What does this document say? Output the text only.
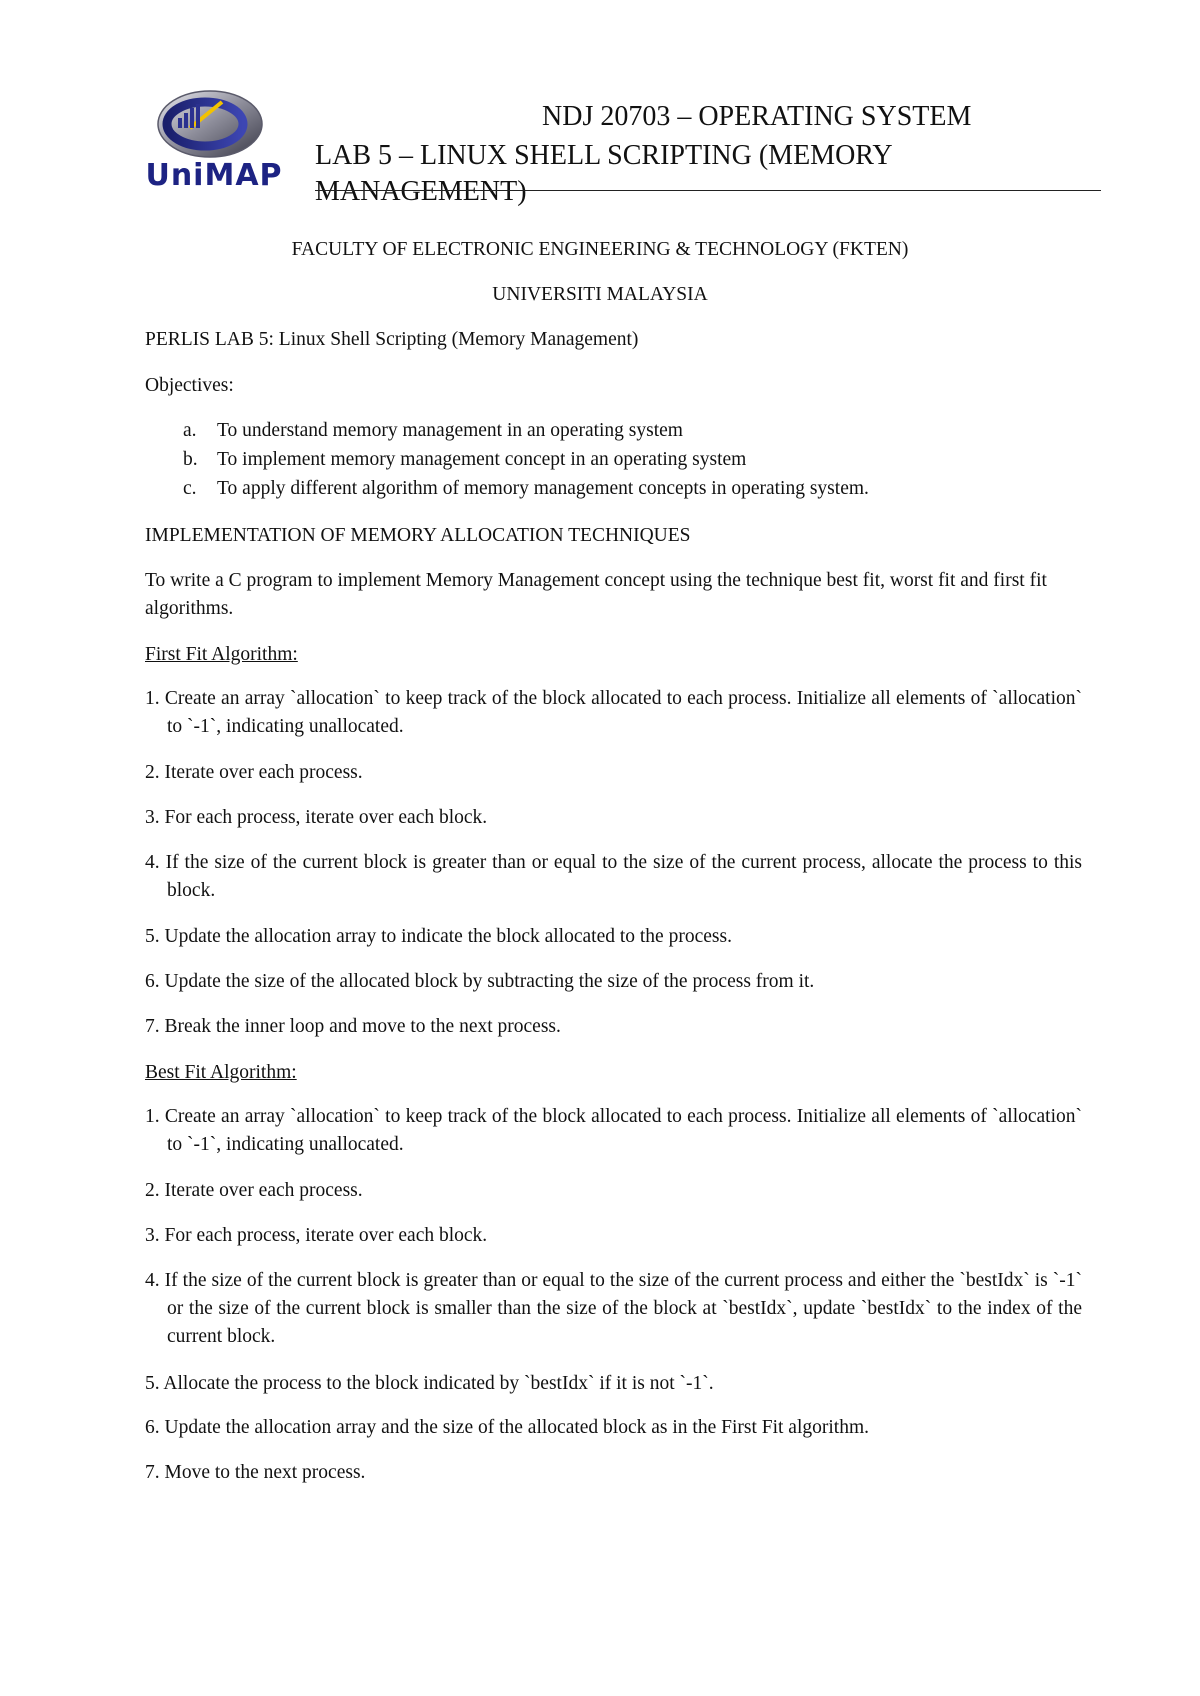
UniMAP
NDJ 20703 – OPERATING SYSTEM
LAB 5 – LINUX SHELL SCRIPTING (MEMORY MANAGEMENT)
FACULTY OF ELECTRONIC ENGINEERING & TECHNOLOGY (FKTEN)
UNIVERSITI MALAYSIA
PERLIS LAB 5: Linux Shell Scripting (Memory Management)
Objectives:
a. To understand memory management in an operating system
b. To implement memory management concept in an operating system
c. To apply different algorithm of memory management concepts in operating system.
IMPLEMENTATION OF MEMORY ALLOCATION TECHNIQUES
To write a C program to implement Memory Management concept using the technique best fit, worst fit and first fit algorithms.
First Fit Algorithm:
1. Create an array `allocation` to keep track of the block allocated to each process. Initialize all elements of `allocation` to `-1`, indicating unallocated.
2. Iterate over each process.
3. For each process, iterate over each block.
4. If the size of the current block is greater than or equal to the size of the current process, allocate the process to this block.
5. Update the allocation array to indicate the block allocated to the process.
6. Update the size of the allocated block by subtracting the size of the process from it.
7. Break the inner loop and move to the next process.
Best Fit Algorithm:
1. Create an array `allocation` to keep track of the block allocated to each process. Initialize all elements of `allocation` to `-1`, indicating unallocated.
2. Iterate over each process.
3. For each process, iterate over each block.
4. If the size of the current block is greater than or equal to the size of the current process and either the `bestIdx` is `-1` or the size of the current block is smaller than the size of the block at `bestIdx`, update `bestIdx` to the index of the current block.
5. Allocate the process to the block indicated by `bestIdx` if it is not `-1`.
6. Update the allocation array and the size of the allocated block as in the First Fit algorithm.
7. Move to the next process.
